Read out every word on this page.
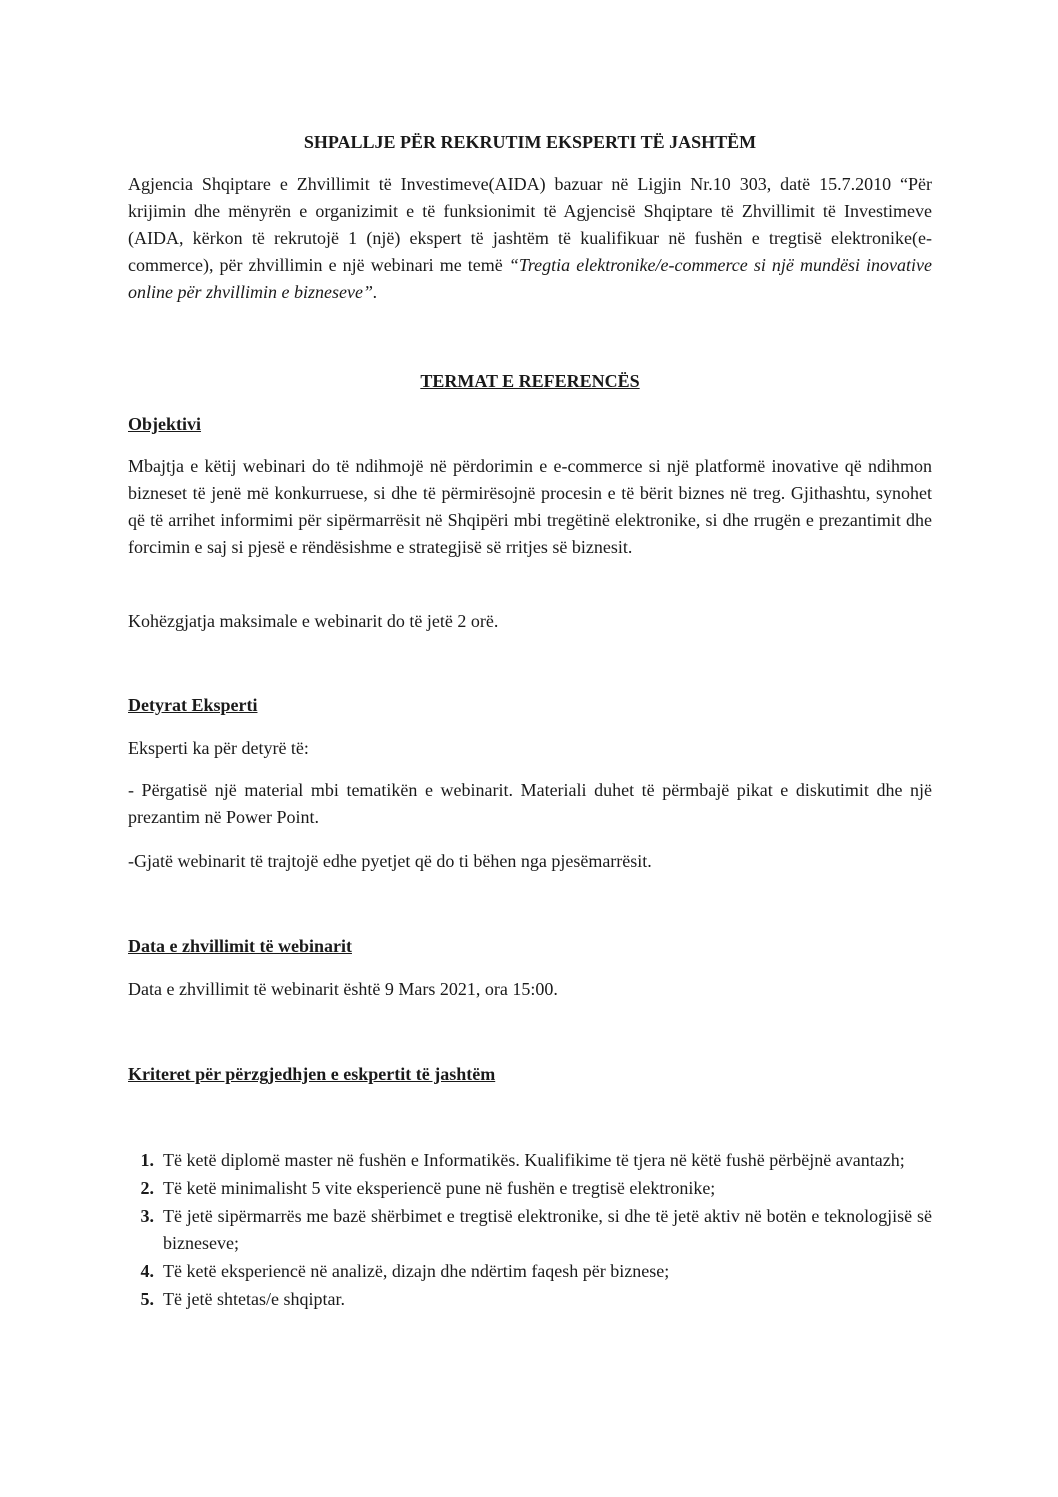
SHPALLJE PËR REKRUTIM EKSPERTI TË JASHTËM

Agjencia Shqiptare e Zhvillimit të Investimeve(AIDA) bazuar në Ligjin Nr.10 303, datë 15.7.2010 “Për krijimin dhe mënyrën e organizimit e të funksionimit të Agjencisë Shqiptare të Zhvillimit të Investimeve (AIDA, kërkon të rekrutojë 1 (një) ekspert të jashtëm të kualifikuar në fushën e tregtisë elektronike(e-commerce), për zhvillimin e një webinari me temë “Tregtia elektronike/e-commerce si një mundësi inovative online për zhvillimin e bizneseve”.

TERMAT E REFERENCËS
Objektivi

Mbajtja e këtij webinari do të ndihmojë në përdorimin e e-commerce si një platformë inovative që ndihmon bizneset të jenë më konkurruese, si dhe të përmirësojnë procesin e të bërit biznes në treg. Gjithashtu, synohet që të arrihet informimi për sipërmarrësit në Shqipëri mbi tregëtinë elektronike, si dhe rrugën e prezantimit dhe forcimin e saj si pjesë e rëndësishme e strategjisë së rritjes së biznesit.

Kohëzgjatja maksimale e webinarit do të jetë 2 orë.

Detyrat Eksperti

Eksperti ka për detyrë të:

- Përgatisë një material mbi tematikën e webinarit. Materiali duhet të përmbajë pikat e diskutimit dhe një prezantim në Power Point.

-Gjatë webinarit të trajtojë edhe pyetjet që do ti bëhen nga pjesëmarrësit.

Data e zhvillimit të webinarit

Data e zhvillimit të webinarit është 9 Mars 2021, ora 15:00.

Kriteret për përzgjedhjen e eskpertit të jashtëm
1. Të ketë diplomë master në fushën e Informatikës. Kualifikime të tjera në këtë fushë përbëjnë avantazh;
2. Të ketë minimalisht 5 vite eksperiencë pune në fushën e tregtisë elektronike;
3. Të jetë sipërmarrës me bazë shërbimet e tregtisë elektronike, si dhe të jetë aktiv në botën e teknologjisë së bizneseve;
4. Të ketë eksperiencë në analizë, dizajn dhe ndërtim faqesh për biznese;
5. Të jetë shtetas/e shqiptar.
